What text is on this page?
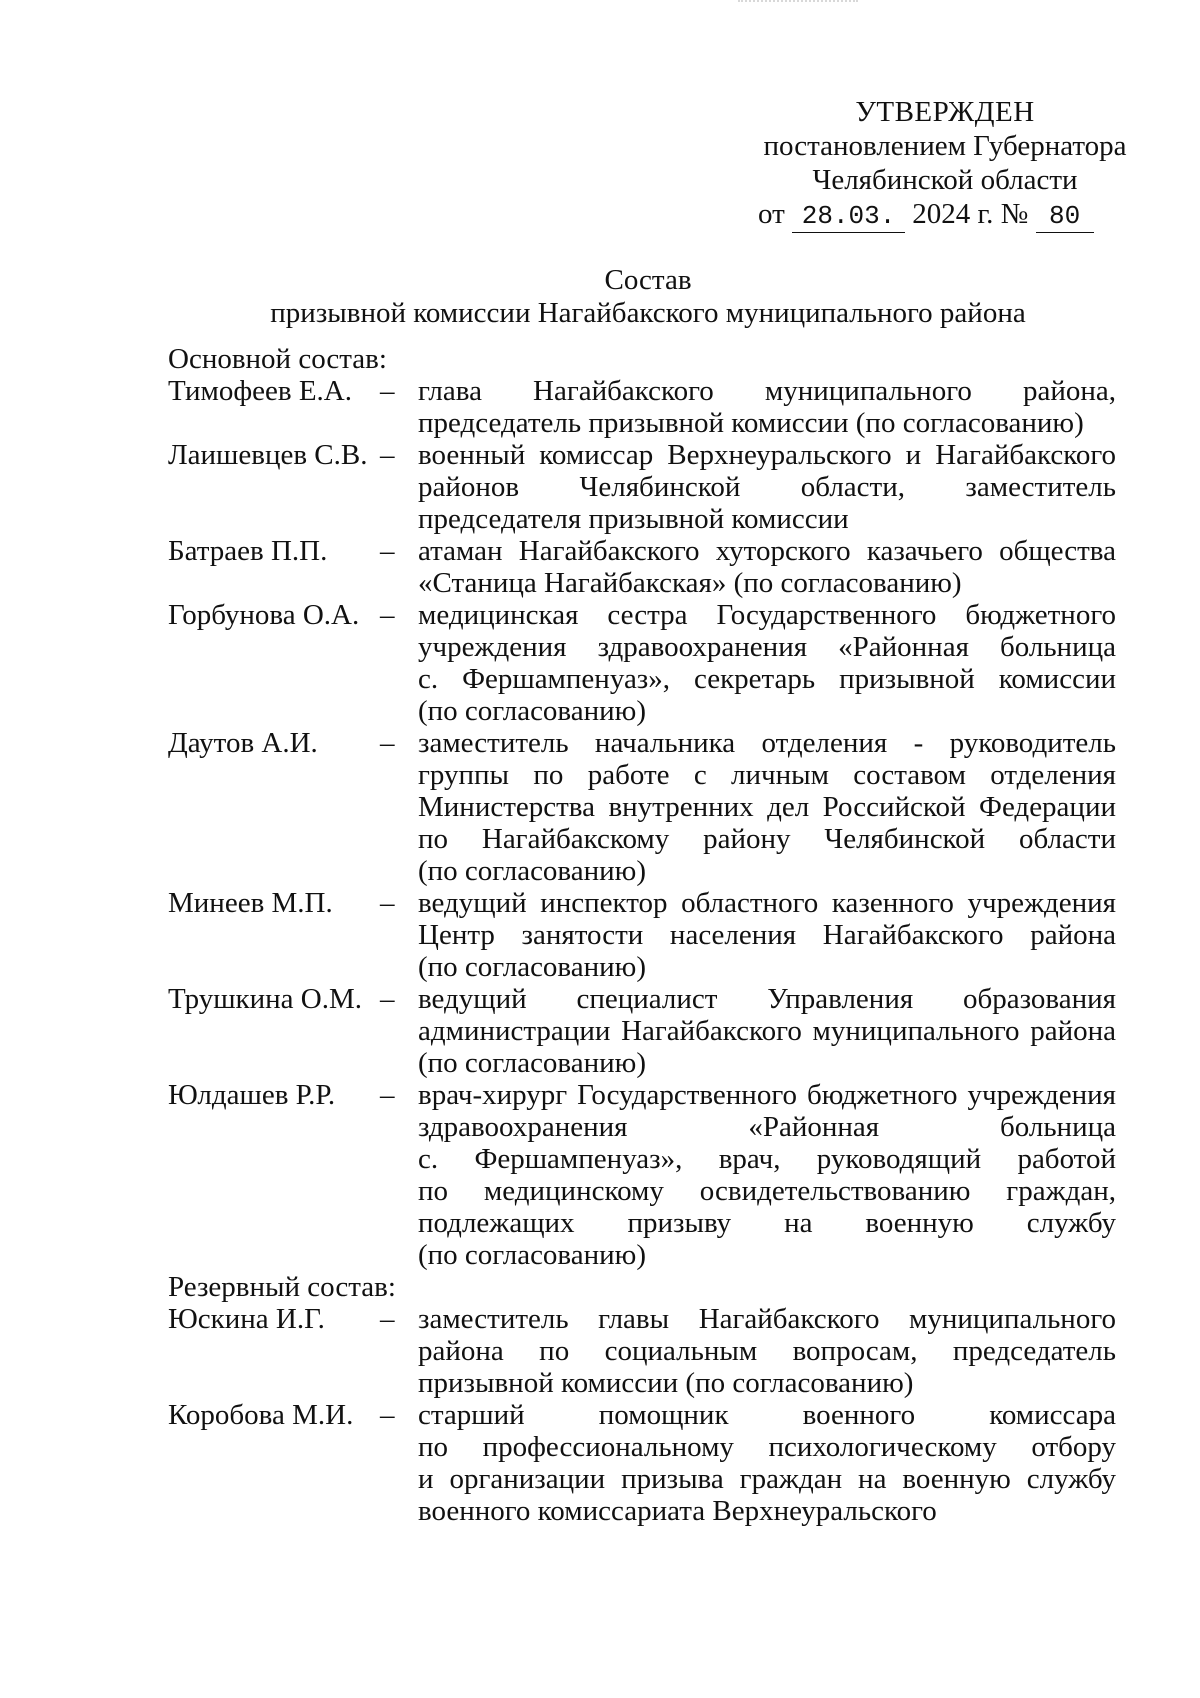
УТВЕРЖДЕН
постановлением Губернатора
Челябинской области
от 28.03. 2024 г. № 80
Состав
призывной комиссии Нагайбакского муниципального района
Основной состав:
Тимофеев Е.А. – глава Нагайбакского муниципального района,
председатель призывной комиссии (по согласованию)
Лаишевцев С.В. – военный комиссар Верхнеуральского и Нагайбакского
районов Челябинской области, заместитель
председателя призывной комиссии
Батраев П.П.	– атаман Нагайбакского хуторского казачьего общества
«Станица Нагайбакская» (по согласованию)
Горбунова О.А. – медицинская сестра Государственного бюджетного
учреждения здравоохранения «Районная больница
с. Фершампенуаз», секретарь призывной комиссии
(по согласованию)
Даутов А.И.	– заместитель начальника отделения - руководитель
группы по работе с личным составом отделения
Министерства внутренних дел Российской Федерации
по Нагайбакскому району Челябинской области
(по согласованию)
Минеев М.П.	– ведущий инспектор областного казенного учреждения
Центр занятости населения Нагайбакского района
(по согласованию)
Трушкина О.М. – ведущий специалист Управления образования
администрации Нагайбакского муниципального района
(по согласованию)
Юлдашев Р.Р.	– врач-хирург Государственного бюджетного учреждения
здравоохранения «Районная больница
с. Фершампенуаз», врач, руководящий работой
по медицинскому освидетельствованию граждан,
подлежащих призыву на военную службу
(по согласованию)
Резервный состав:
Юскина И.Г.	– заместитель главы Нагайбакского муниципального
района по социальным вопросам, председатель
призывной комиссии (по согласованию)
Коробова М.И. – старший помощник военного комиссара
по профессиональному психологическому отбору
и организации призыва граждан на военную службу
военного комиссариата Верхнеуральского
